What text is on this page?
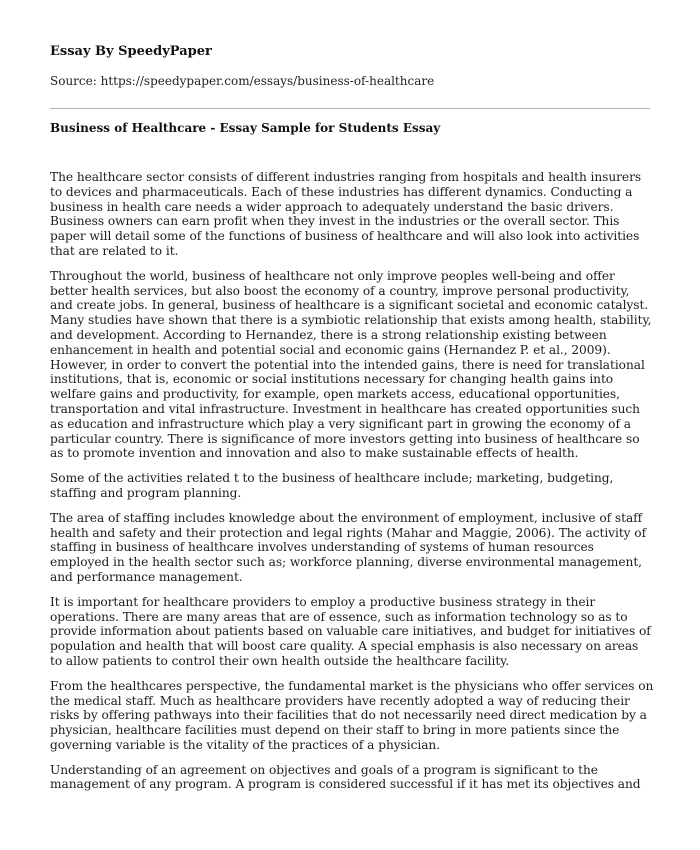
Essay By SpeedyPaper
Source: https://speedypaper.com/essays/business-of-healthcare
Business of Healthcare - Essay Sample for Students Essay

The healthcare sector consists of different industries ranging from hospitals and health insurers to devices and pharmaceuticals. Each of these industries has different dynamics. Conducting a business in health care needs a wider approach to adequately understand the basic drivers. Business owners can earn profit when they invest in the industries or the overall sector. This paper will detail some of the functions of business of healthcare and will also look into activities that are related to it.

Throughout the world, business of healthcare not only improve peoples well-being and offer better health services, but also boost the economy of a country, improve personal productivity, and create jobs. In general, business of healthcare is a significant societal and economic catalyst. Many studies have shown that there is a symbiotic relationship that exists among health, stability, and development. According to Hernandez, there is a strong relationship existing between enhancement in health and potential social and economic gains (Hernandez P. et al., 2009). However, in order to convert the potential into the intended gains, there is need for translational institutions, that is, economic or social institutions necessary for changing health gains into welfare gains and productivity, for example, open markets access, educational opportunities, transportation and vital infrastructure. Investment in healthcare has created opportunities such as education and infrastructure which play a very significant part in growing the economy of a particular country. There is significance of more investors getting into business of healthcare so as to promote invention and innovation and also to make sustainable effects of health.

Some of the activities related t to the business of healthcare include; marketing, budgeting, staffing and program planning.

The area of staffing includes knowledge about the environment of employment, inclusive of staff health and safety and their protection and legal rights (Mahar and Maggie, 2006). The activity of staffing in business of healthcare involves understanding of systems of human resources employed in the health sector such as; workforce planning, diverse environmental management, and performance management.

It is important for healthcare providers to employ a productive business strategy in their operations. There are many areas that are of essence, such as information technology so as to provide information about patients based on valuable care initiatives, and budget for initiatives of population and health that will boost care quality. A special emphasis is also necessary on areas to allow patients to control their own health outside the healthcare facility.

From the healthcares perspective, the fundamental market is the physicians who offer services on the medical staff. Much as healthcare providers have recently adopted a way of reducing their risks by offering pathways into their facilities that do not necessarily need direct medication by a physician, healthcare facilities must depend on their staff to bring in more patients since the governing variable is the vitality of the practices of a physician.

Understanding of an agreement on objectives and goals of a program is significant to the management of any program. A program is considered successful if it has met its objectives and
